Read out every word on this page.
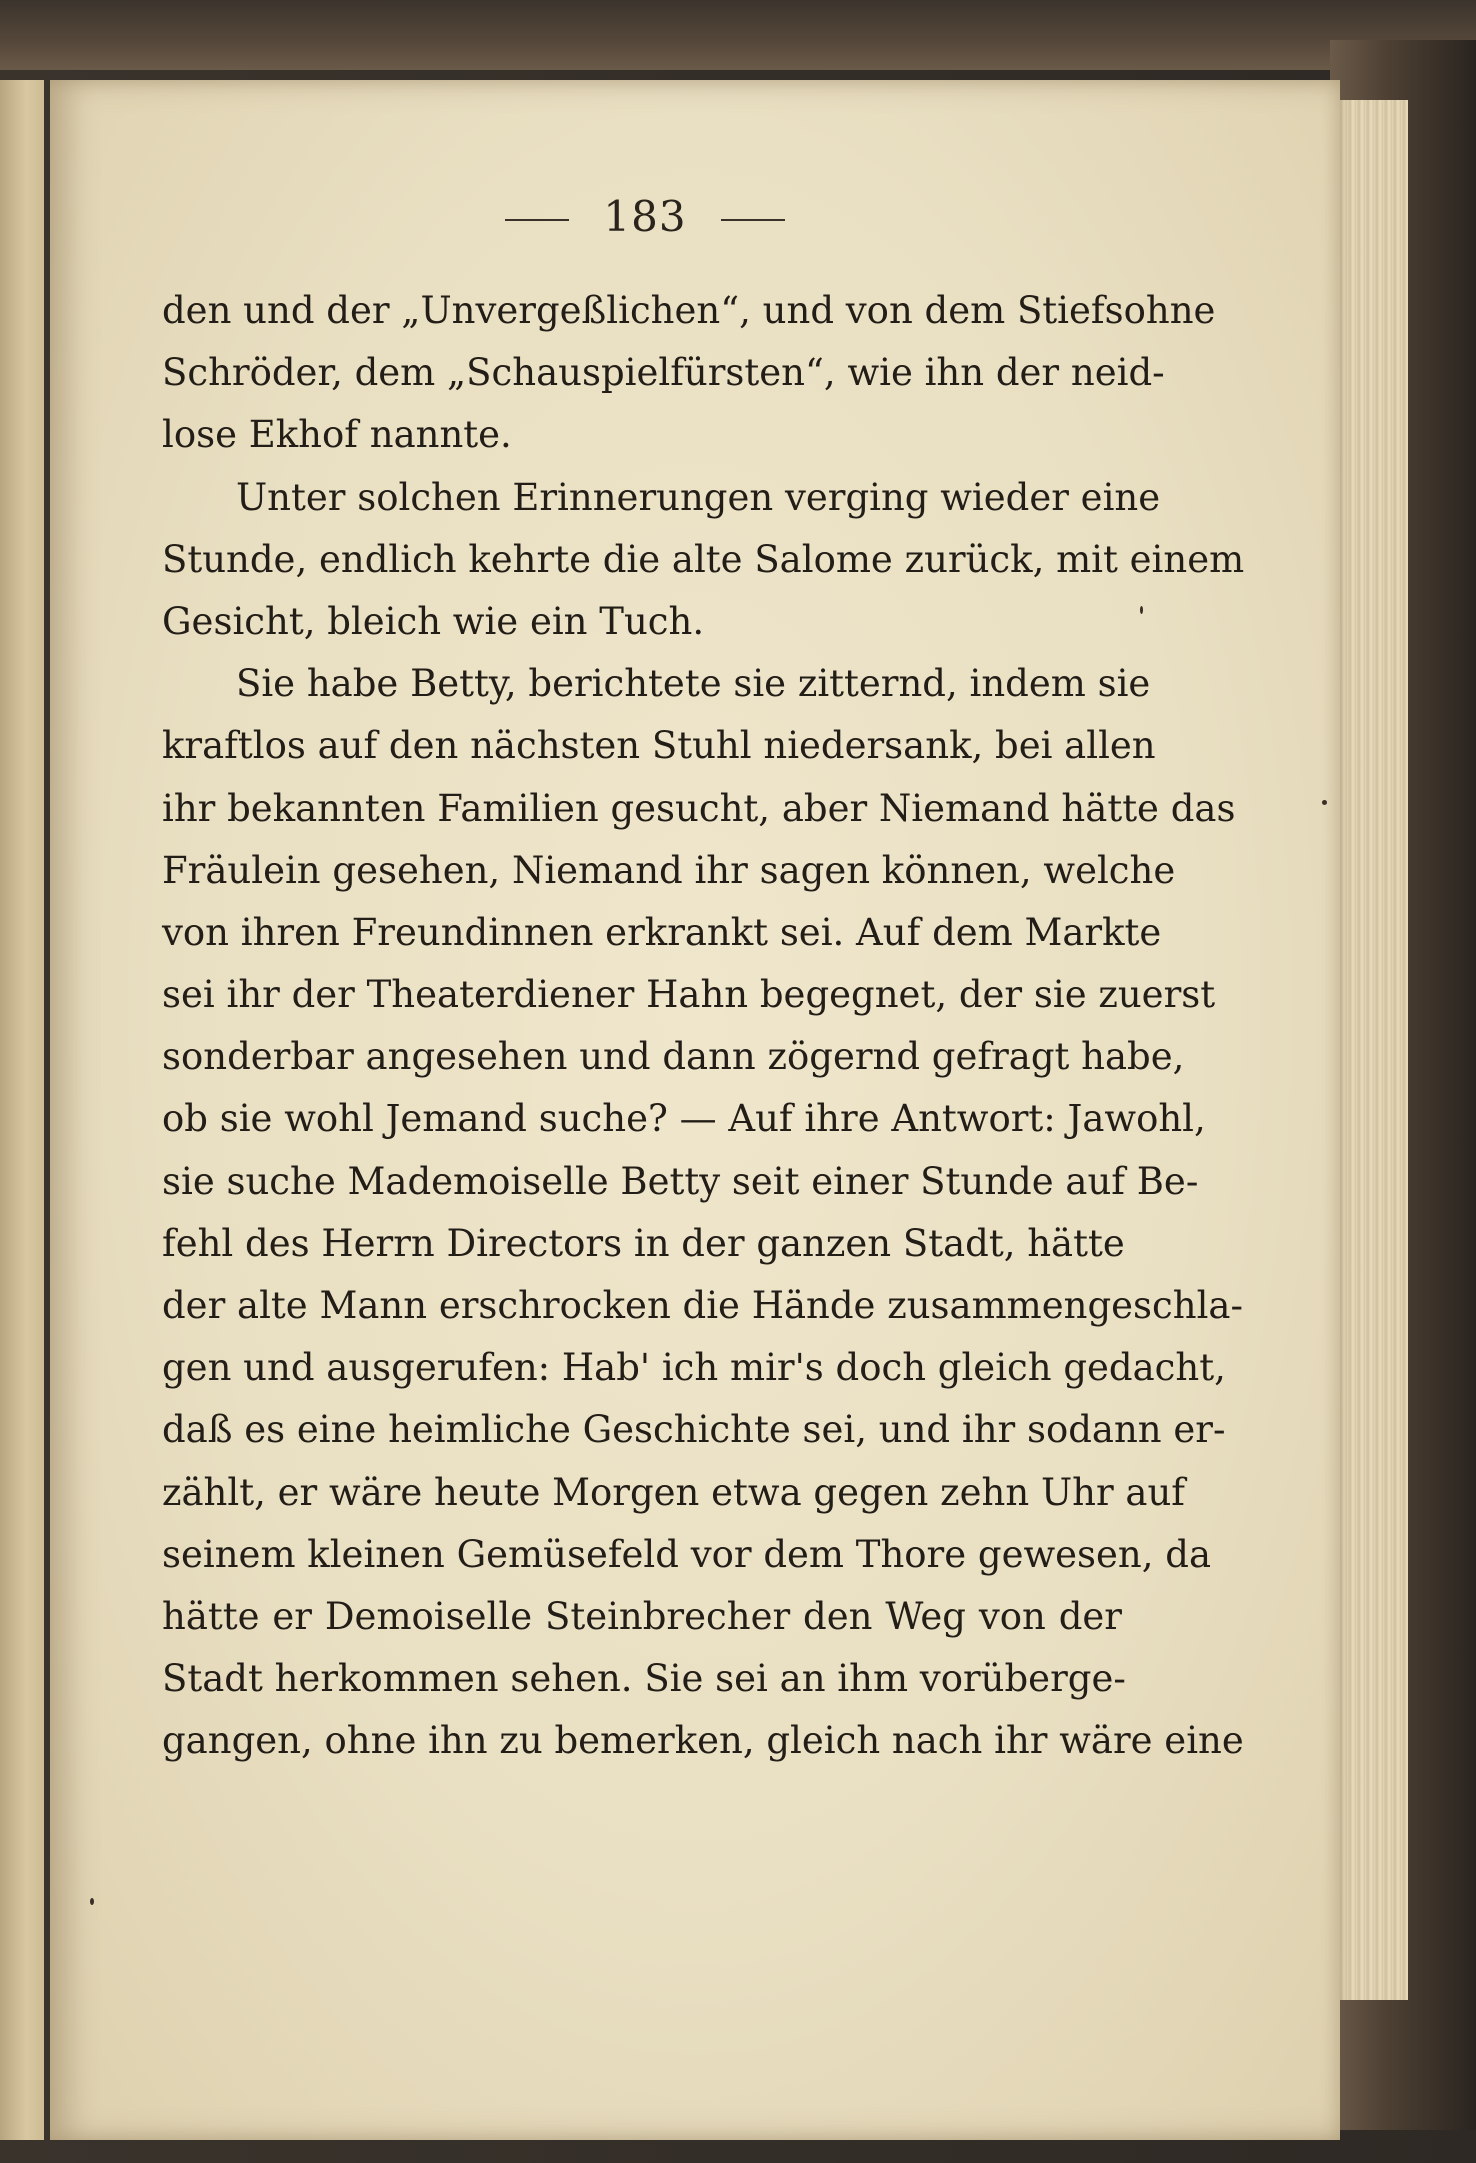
183
den und der „Unvergeßlichen“, und von dem Stiefsohne
Schröder, dem „Schauspielfürsten“, wie ihn der neid-
lose Ekhof nannte.
Unter solchen Erinnerungen verging wieder eine
Stunde, endlich kehrte die alte Salome zurück, mit einem
Gesicht, bleich wie ein Tuch.
Sie habe Betty, berichtete sie zitternd, indem sie
kraftlos auf den nächsten Stuhl niedersank, bei allen
ihr bekannten Familien gesucht, aber Niemand hätte das
Fräulein gesehen, Niemand ihr sagen können, welche
von ihren Freundinnen erkrankt sei. Auf dem Markte
sei ihr der Theaterdiener Hahn begegnet, der sie zuerst
sonderbar angesehen und dann zögernd gefragt habe,
ob sie wohl Jemand suche? — Auf ihre Antwort: Jawohl,
sie suche Mademoiselle Betty seit einer Stunde auf Be-
fehl des Herrn Directors in der ganzen Stadt, hätte
der alte Mann erschrocken die Hände zusammengeschla-
gen und ausgerufen: Hab' ich mir's doch gleich gedacht,
daß es eine heimliche Geschichte sei, und ihr sodann er-
zählt, er wäre heute Morgen etwa gegen zehn Uhr auf
seinem kleinen Gemüsefeld vor dem Thore gewesen, da
hätte er Demoiselle Steinbrecher den Weg von der
Stadt herkommen sehen. Sie sei an ihm vorüberge-
gangen, ohne ihn zu bemerken, gleich nach ihr wäre eine
